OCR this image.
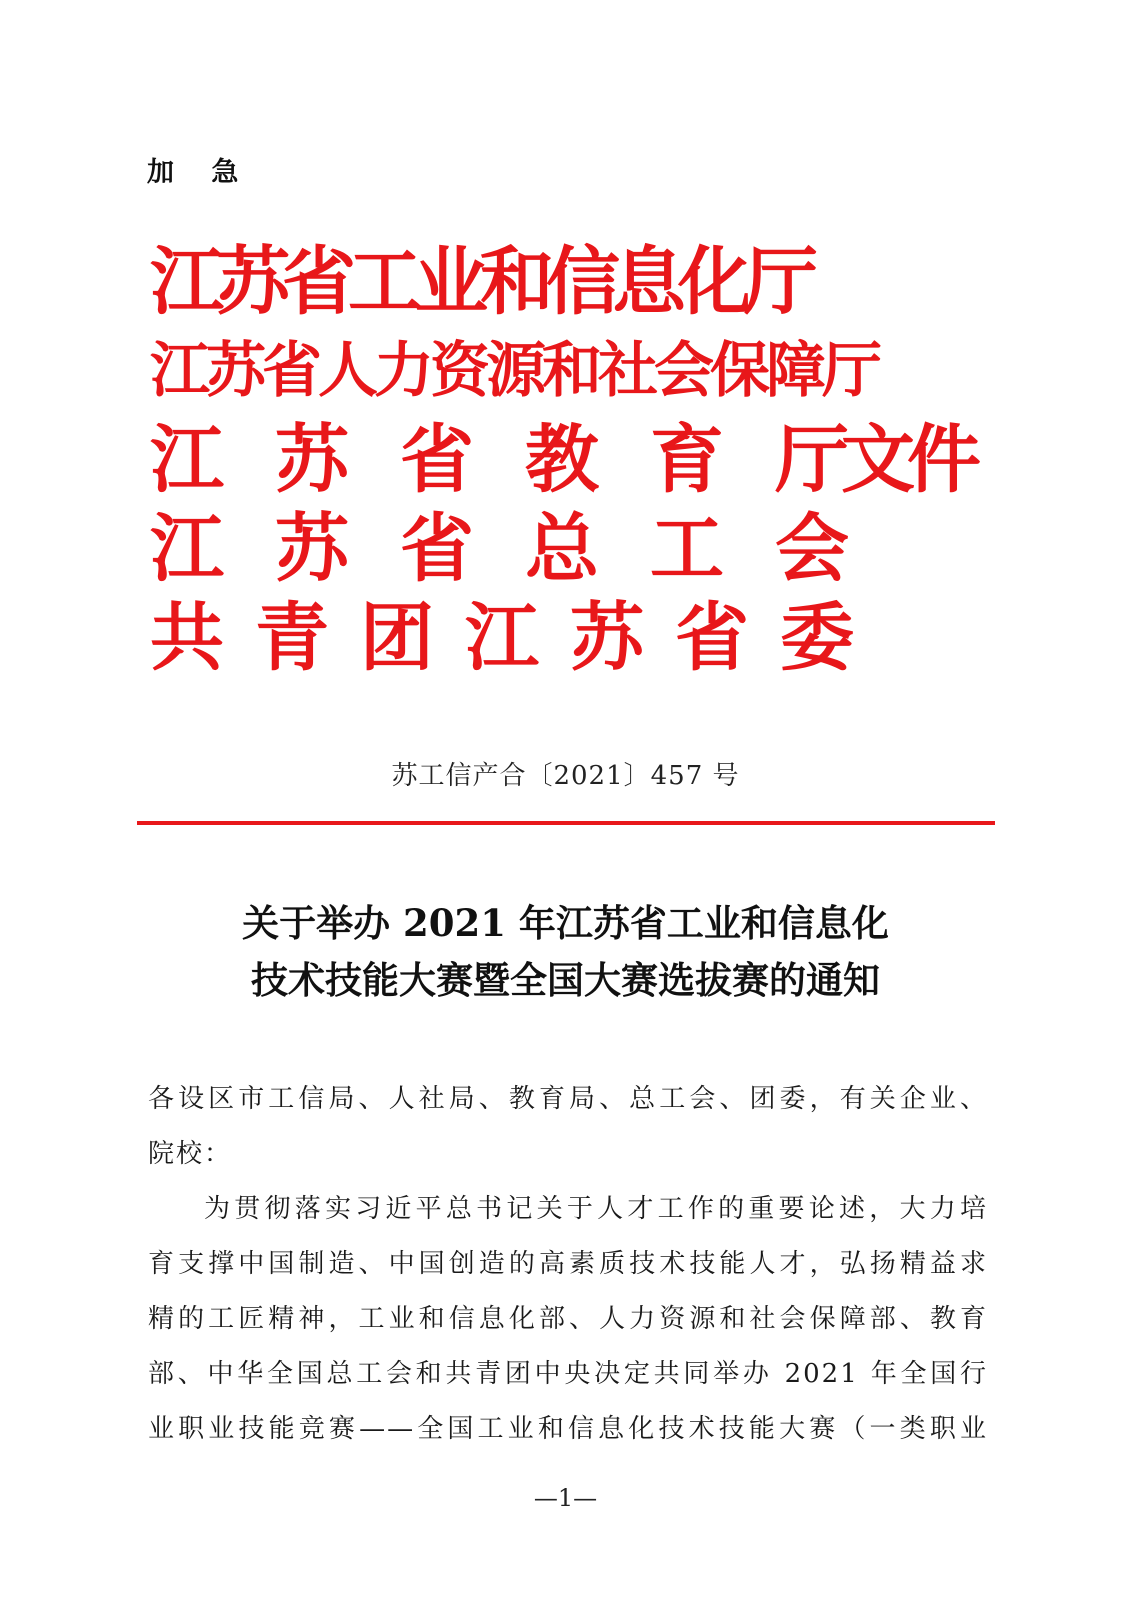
加 急
江苏省工业和信息化厅
江苏省人力资源和社会保障厅
江 苏 省 教 育 厅文件
江 苏 省 总 工 会
共 青 团 江 苏 省 委
苏工信产合〔2021〕457 号
关于举办 2021 年江苏省工业和信息化
技术技能大赛暨全国大赛选拔赛的通知

各设区市工信局、人社局、教育局、总工会、团委，有关企业、

院校：

为贯彻落实习近平总书记关于人才工作的重要论述，大力培

育支撑中国制造、中国创造的高素质技术技能人才，弘扬精益求

精的工匠精神，工业和信息化部、人力资源和社会保障部、教育

部、中华全国总工会和共青团中央决定共同举办 2021 年全国行

业职业技能竞赛——全国工业和信息化技术技能大赛（一类职业

—1—
